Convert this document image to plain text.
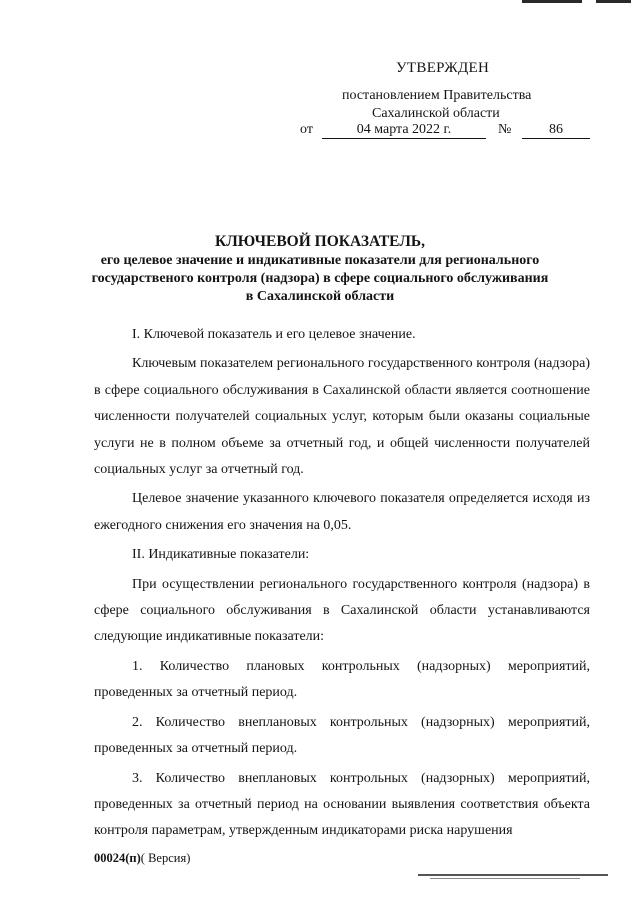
УТВЕРЖДЕН
постановлением Правительства
Сахалинской области
от	04 марта 2022 г.	№	86
КЛЮЧЕВОЙ ПОКАЗАТЕЛЬ,
его целевое значение и индикативные показатели для регионального
государственого контроля (надзора) в сфере социального обслуживания
в Сахалинской области

I. Ключевой показатель и его целевое значение.

Ключевым показателем регионального государственного контроля (надзора) в сфере социального обслуживания в Сахалинской области является соотношение численности получателей социальных услуг, которым были оказаны социальные услуги не в полном объеме за отчетный год, и общей численности получателей социальных услуг за отчетный год.

Целевое значение указанного ключевого показателя определяется исходя из ежегодного снижения его значения на 0,05.

II. Индикативные показатели:

При осуществлении регионального государственного контроля (надзора) в сфере социального обслуживания в Сахалинской области устанавливаются следующие индикативные показатели:

1. Количество плановых контрольных (надзорных) мероприятий, проведенных за отчетный период.

2. Количество внеплановых контрольных (надзорных) мероприятий, проведенных за отчетный период.

3. Количество внеплановых контрольных (надзорных) мероприятий, проведенных за отчетный период на основании выявления соответствия объекта контроля параметрам, утвержденным индикаторами риска нарушения

00024(п)( Версия)
